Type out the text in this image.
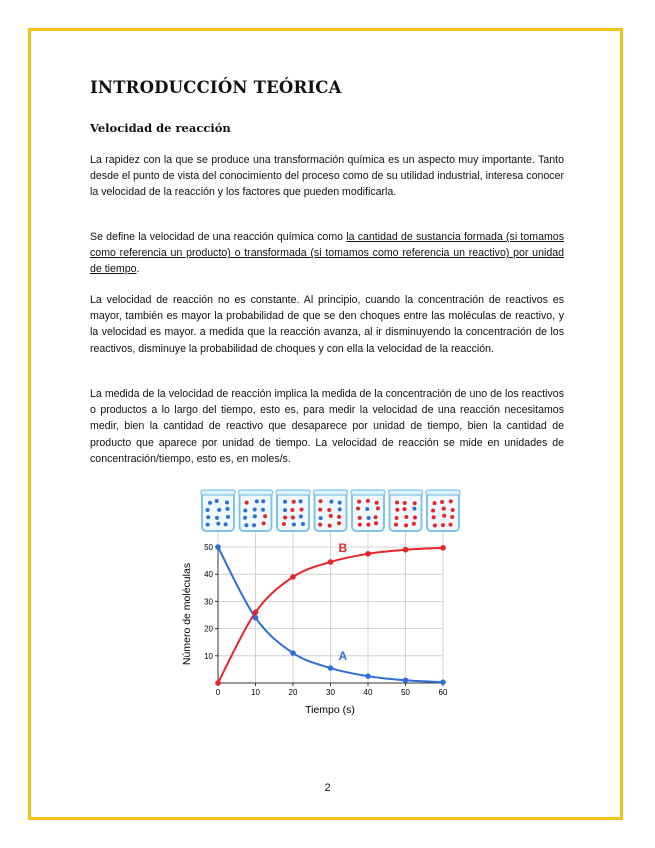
INTRODUCCIÓN TEÓRICA
Velocidad de reacción

La rapidez con la que se produce una transformación química es un aspecto muy importante. Tanto desde el punto de vista del conocimiento del proceso como de su utilidad industrial, interesa conocer la velocidad de la reacción y los factores que pueden modificarla.

Se define la velocidad de una reacción química como la cantidad de sustancia formada (si tomamos como referencia un producto) o transformada (si tomamos como referencia un reactivo) por unidad de tiempo.

La velocidad de reacción no es constante. Al principio, cuando la concentración de reactivos es mayor, también es mayor la probabilidad de que se den choques entre las moléculas de reactivo, y la velocidad es mayor. a medida que la reacción avanza, al ir disminuyendo la concentración de los reactivos, disminuye la probabilidad de choques y con ella la velocidad de la reacción.

La medida de la velocidad de reacción implica la medida de la concentración de uno de los reactivos o productos a lo largo del tiempo, esto es, para medir la velocidad de una reacción necesitamos medir, bien la cantidad de reactivo que desaparece por unidad de tiempo, bien la cantidad de producto que aparece por unidad de tiempo. La velocidad de reacción se mide en unidades de concentración/tiempo, esto es, en moles/s.

0	10	20	30	40	50	60
10
20
30
40
50
A
B
Tiempo (s)
Número de moléculas
2
